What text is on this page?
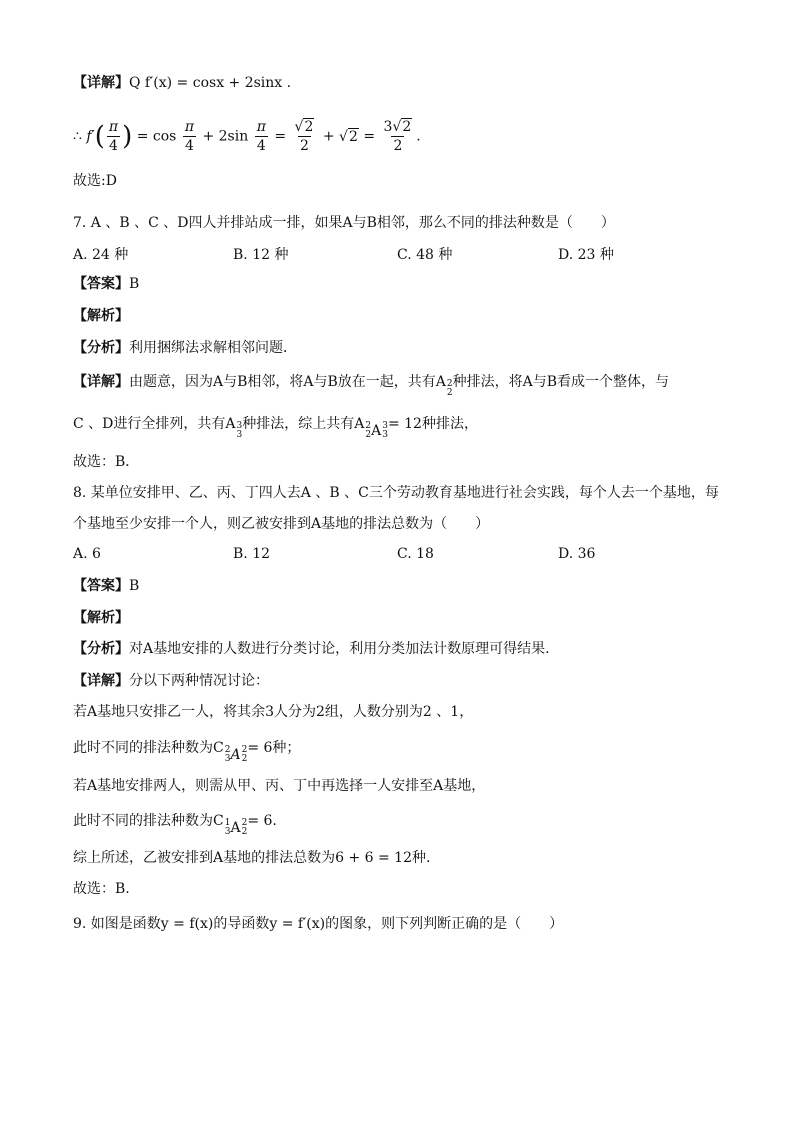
【详解】Q f′(x) = cosx + 2sinx .
∴ $f'( \frac{\pi}{4}$ ) = $\cos \frac{\pi}{4} + 2\sin \frac{\pi}{4} = \frac{√2}{2} + √2 = \frac{3√2}{2}$ .
故选:D
7. A 、B 、C 、D四人并排站成一排，如果A与B相邻，那么不同的排法种数是（　　）
A. 24 种	B. 12 种	C. 48 种	D. 23 种
【答案】B
【解析】
【分析】利用捆绑法求解相邻问题．
【详解】由题意，因为A与B相邻，将A与B放在一起，共有A 2
2
种排法，将A与B看成一个整体，与
C 、D进行全排列，共有A 3
3
种排法，综上共有A 2
2 A 3
3
= 12种排法，
故选：B．
8. 某单位安排甲、乙、丙、丁四人去A 、B 、C三个劳动教育基地进行社会实践，每个人去一个基地，每
个基地至少安排一个人，则乙被安排到A基地的排法总数为（　　）
A. 6	B. 12	C. 18	D. 36
【答案】B
【解析】
【分析】对A基地安排的人数进行分类讨论，利用分类加法计数原理可得结果.
【详解】分以下两种情况讨论：
若A基地只安排乙一人，将其余3人分为2组，人数分别为2 、1，
此时不同的排法种数为C 2
3 A 2
2
= 6种；
若A基地安排两人，则需从甲、丙、丁中再选择一人安排至A基地，
此时不同的排法种数为C 1
3 A 2
2
= 6.
综上所述，乙被安排到A基地的排法总数为6 + 6 = 12种.
故选：B.
9. 如图是函数y = f(x)的导函数y = f′(x)的图象，则下列判断正确的是（　　）
